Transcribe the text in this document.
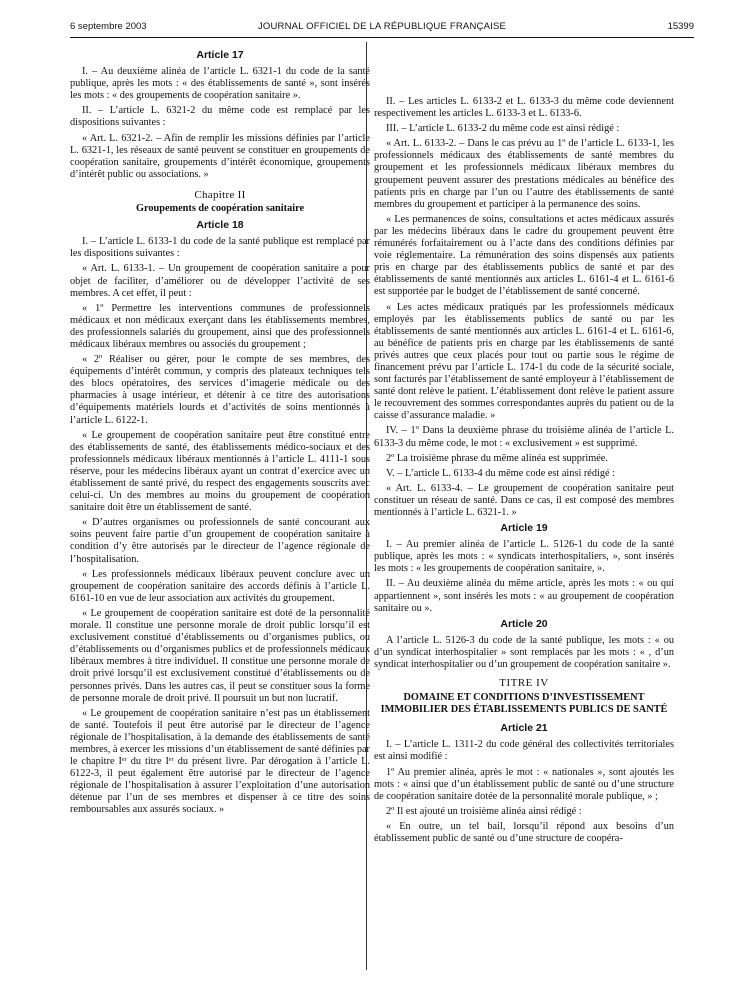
6 septembre 2003	JOURNAL OFFICIEL DE LA RÉPUBLIQUE FRANÇAISE	15399

Article 17

I. – Au deuxième alinéa de l’article L. 6321-1 du code de la santé publique, après les mots : « des établissements de santé », sont insérés les mots : « des groupements de coopération sanitaire ».

II. – L’article L. 6321-2 du même code est remplacé par les dispositions suivantes :

« Art. L. 6321-2. – Afin de remplir les missions définies par l’article L. 6321-1, les réseaux de santé peuvent se constituer en groupements de coopération sanitaire, groupements d’intérêt économique, groupements d’intérêt public ou associations. »

Chapitre II

Groupements de coopération sanitaire

Article 18

I. – L’article L. 6133-1 du code de la santé publique est remplacé par les dispositions suivantes :

« Art. L. 6133-1. – Un groupement de coopération sanitaire a pour objet de faciliter, d’améliorer ou de développer l’activité de ses membres. A cet effet, il peut :

« 1º Permettre les interventions communes de professionnels médicaux et non médicaux exerçant dans les établissements membres, des professionnels salariés du groupement, ainsi que des professionnels médicaux libéraux membres ou associés du groupement ;

« 2º Réaliser ou gérer, pour le compte de ses membres, des équipements d’intérêt commun, y compris des plateaux techniques tels des blocs opératoires, des services d’imagerie médicale ou des pharmacies à usage intérieur, et détenir à ce titre des autorisations d’équipements matériels lourds et d’activités de soins mentionnés à l’article L. 6122-1.

« Le groupement de coopération sanitaire peut être constitué entre des établissements de santé, des établissements médico-sociaux et des professionnels médicaux libéraux mentionnés à l’article L. 4111-1 sous réserve, pour les médecins libéraux ayant un contrat d’exercice avec un établissement de santé privé, du respect des engagements souscrits avec celui-ci. Un des membres au moins du groupement de coopération sanitaire doit être un établissement de santé.

« D’autres organismes ou professionnels de santé concourant aux soins peuvent faire partie d’un groupement de coopération sanitaire à condition d’y être autorisés par le directeur de l’agence régionale de l’hospitalisation.

« Les professionnels médicaux libéraux peuvent conclure avec un groupement de coopération sanitaire des accords définis à l’article L. 6161-10 en vue de leur association aux activités du groupement.

« Le groupement de coopération sanitaire est doté de la personnalité morale. Il constitue une personne morale de droit public lorsqu’il est exclusivement constitué d’établissements ou d’organismes publics, ou d’établissements ou d’organismes publics et de professionnels médicaux libéraux membres à titre individuel. Il constitue une personne morale de droit privé lorsqu’il est exclusivement constitué d’établissements ou de personnes privés. Dans les autres cas, il peut se constituer sous la forme de personne morale de droit privé. Il poursuit un but non lucratif.

« Le groupement de coopération sanitaire n’est pas un établissement de santé. Toutefois il peut être autorisé par le directeur de l’agence régionale de l’hospitalisation, à la demande des établissements de santé membres, à exercer les missions d’un établissement de santé définies par le chapitre Iᵉʳ du titre Iᵉʳ du présent livre. Par dérogation à l’article L. 6122-3, il peut également être autorisé par le directeur de l’agence régionale de l’hospitalisation à assurer l’exploitation d’une autorisation détenue par l’un de ses membres et dispenser à ce titre des soins remboursables aux assurés sociaux. »

II. – Les articles L. 6133-2 et L. 6133-3 du même code deviennent respectivement les articles L. 6133-3 et L. 6133-6.

III. – L’article L. 6133-2 du même code est ainsi rédigé :

« Art. L. 6133-2. – Dans le cas prévu au 1º de l’article L. 6133-1, les professionnels médicaux des établissements de santé membres du groupement et les professionnels médicaux libéraux membres du groupement peuvent assurer des prestations médicales au bénéfice des patients pris en charge par l’un ou l’autre des établissements de santé membres du groupement et participer à la permanence des soins.

« Les permanences de soins, consultations et actes médicaux assurés par les médecins libéraux dans le cadre du groupement peuvent être rémunérés forfaitairement ou à l’acte dans des conditions définies par voie réglementaire. La rémunération des soins dispensés aux patients pris en charge par des établissements publics de santé et par des établissements de santé mentionnés aux articles L. 6161-4 et L. 6161-6 est supportée par le budget de l’établissement de santé concerné.

« Les actes médicaux pratiqués par les professionnels médicaux employés par les établissements publics de santé ou par les établissements de santé mentionnés aux articles L. 6161-4 et L. 6161-6, au bénéfice de patients pris en charge par les établissements de santé privés autres que ceux placés pour tout ou partie sous le régime de financement prévu par l’article L. 174-1 du code de la sécurité sociale, sont facturés par l’établissement de santé employeur à l’établissement de santé dont relève le patient. L’établissement dont relève le patient assure le recouvrement des sommes correspondantes auprès du patient ou de la caisse d’assurance maladie. »

IV. – 1º Dans la deuxième phrase du troisième alinéa de l’article L. 6133-3 du même code, le mot : « exclusivement » est supprimé.

2º La troisième phrase du même alinéa est supprimée.

V. – L’article L. 6133-4 du même code est ainsi rédigé :

« Art. L. 6133-4. – Le groupement de coopération sanitaire peut constituer un réseau de santé. Dans ce cas, il est composé des membres mentionnés à l’article L. 6321-1. »

Article 19

I. – Au premier alinéa de l’article L. 5126-1 du code de la santé publique, après les mots : « syndicats interhospitaliers, », sont insérés les mots : « les groupements de coopération sanitaire, ».

II. – Au deuxième alinéa du même article, après les mots : « ou qui appartiennent », sont insérés les mots : « au groupement de coopération sanitaire ou ».

Article 20

A l’article L. 5126-3 du code de la santé publique, les mots : « ou d’un syndicat interhospitalier » sont remplacés par les mots : « , d’un syndicat interhospitalier ou d’un groupement de coopération sanitaire ».

TITRE IV

DOMAINE ET CONDITIONS D’INVESTISSEMENT IMMOBILIER DES ÉTABLISSEMENTS PUBLICS DE SANTÉ

Article 21

I. – L’article L. 1311-2 du code général des collectivités territoriales est ainsi modifié :

1º Au premier alinéa, après le mot : « nationales », sont ajoutés les mots : « ainsi que d’un établissement public de santé ou d’une structure de coopération sanitaire dotée de la personnalité morale publique, » ;

2º Il est ajouté un troisième alinéa ainsi rédigé :

« En outre, un tel bail, lorsqu’il répond aux besoins d’un établissement public de santé ou d’une structure de coopéra-
